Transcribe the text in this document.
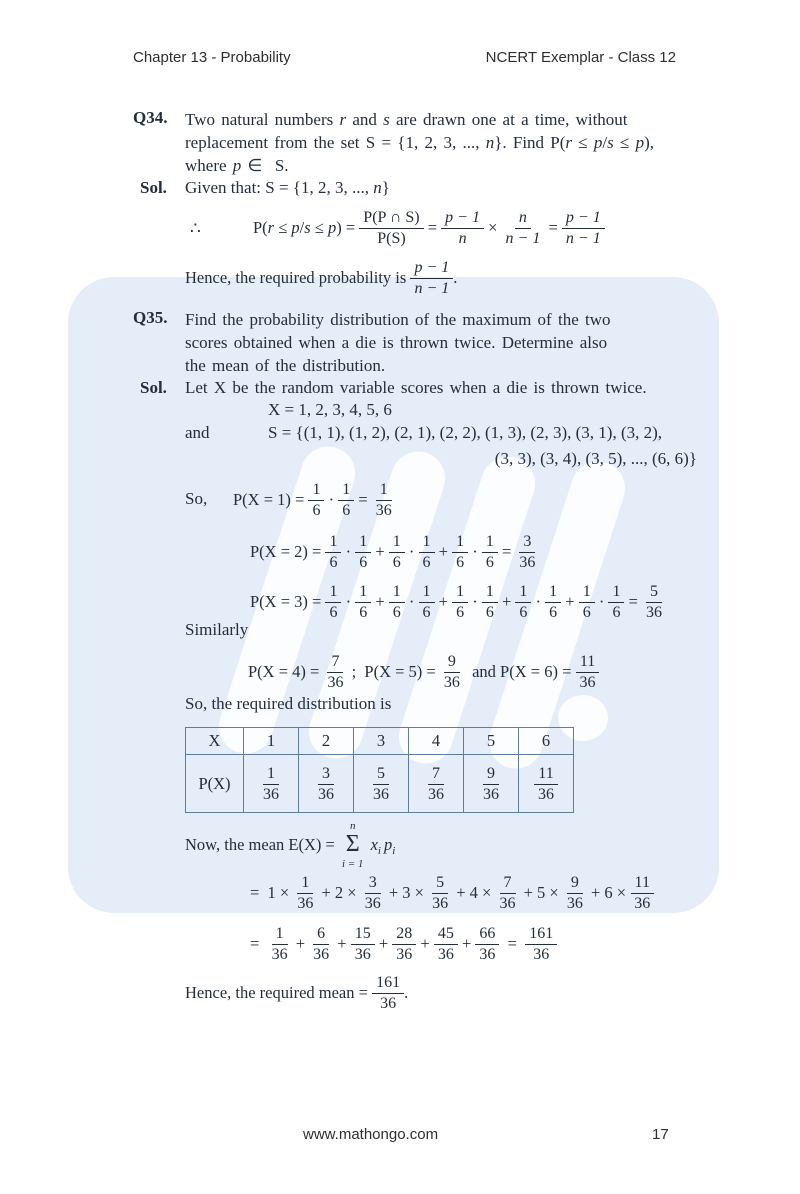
Chapter 13 - Probability	NCERT Exemplar - Class 12
Q34. Two natural numbers r and s are drawn one at a time, without
replacement from the set S = {1, 2, 3, ..., n}. Find P(r ≤ p/s ≤ p),
where p ∈  S.
Sol. Given that: S = {1, 2, 3, ..., n}
∴	P( r ≤ p / s ≤ p ) = $\frac{P(P \cap S)}{P(S)} = \frac{p - 1}{n} \times \frac{n}{n - 1} = \frac{p - 1}{n - 1}$
Hence, the required probability is $\frac{p - 1}{n - 1}$ .
Q35. Find the probability distribution of the maximum of the two
scores obtained when a die is thrown twice. Determine also
the mean of the distribution.
Sol. Let X be the random variable scores when a die is thrown twice.
X = 1, 2, 3, 4, 5, 6
and	S = {(1, 1), (1, 2), (2, 1), (2, 2), (1, 3), (2, 3), (3, 1), (3, 2),
(3, 3), (3, 4), (3, 5), ..., (6, 6)}
So, $P(X = 1) = \frac{1}{6} \cdot \frac{1}{6} = \frac{1}{36}$
$P(X = 2) = \frac{1}{6} \cdot \frac{1}{6} + \frac{1}{6} \cdot \frac{1}{6} + \frac{1}{6} \cdot \frac{1}{6} = \frac{3}{36}$
$P(X = 3) = \frac{1}{6} \cdot \frac{1}{6} + \frac{1}{6} \cdot \frac{1}{6} + \frac{1}{6} \cdot \frac{1}{6} + \frac{1}{6} \cdot \frac{1}{6} + \frac{1}{6} \cdot \frac{1}{6} = \frac{5}{36}$
Similarly
$P(X = 4) = \frac{7}{36}$ ;  $P(X = 5) = \frac{9}{36}$ and $P(X = 6) = \frac{11}{36}$
So, the required distribution is
X	1	2	3	4	5	6
P(X)	$\frac{1}{36}$	$\frac{3}{36}$	$\frac{5}{36}$	$\frac{7}{36}$	$\frac{9}{36}$	$\frac{11}{36}$
Now, the mean E(X) =
n
Σ
i = 1
x i p i
=  $1 \times \frac{1}{36} + 2 \times \frac{3}{36} + 3 \times \frac{5}{36} + 4 \times \frac{7}{36} + 5 \times \frac{9}{36} + 6 \times \frac{11}{36}$
= $\frac{1}{36} + \frac{6}{36} + \frac{15}{36} + \frac{28}{36} + \frac{45}{36} + \frac{66}{36} = \frac{161}{36}$
Hence, the required mean = $\frac{161}{36}$ .
www.mathongo.com	17
